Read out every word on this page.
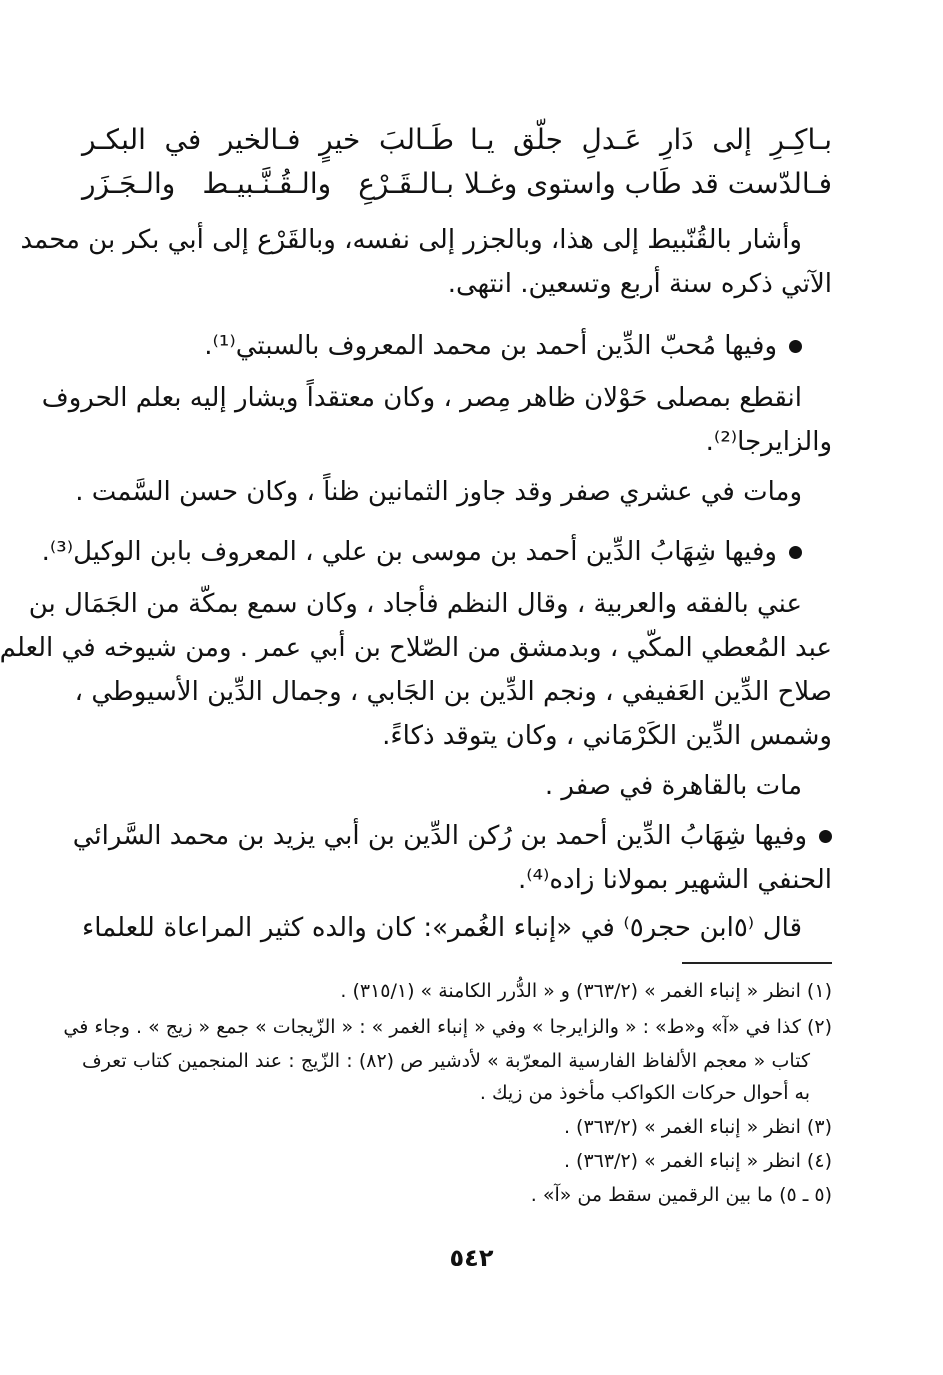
بـاكِـرِ إلى دَارِ عَـدلِ جلّق يـا
طَـالبَ خيرٍ فـالخير في البكـر
فـالدّست قد طَاب واستوى وغـلا
بـالـقَـرْعِ والـقُـنَّـبيـط والـجَـزَر
وأشار بالقُنّبيط إلى هذا، وبالجزر إلى نفسه، وبالقَرْع إلى أبي بكر بن محمد
الآتي ذكره سنة أربع وتسعين. انتهى.
وفيها مُحبّ الدِّين أحمد بن محمد المعروف بالسبتي⁽¹⁾.
انقطع بمصلى حَوْلان ظاهر مِصر ، وكان معتقداً ويشار إليه بعلم الحروف
والزايرجا⁽²⁾.
ومات في عشري صفر وقد جاوز الثمانين ظناً ، وكان حسن السَّمت .
وفيها شِهَابُ الدِّين أحمد بن موسى بن علي ، المعروف بابن الوكيل⁽³⁾.
عني بالفقه والعربية ، وقال النظم فأجاد ، وكان سمع بمكّة من الجَمَال بن
عبد المُعطي المكّي ، وبدمشق من الصّلاح بن أبي عمر . ومن شيوخه في العلم
صلاح الدِّين العَفيفي ، ونجم الدِّين بن الجَابي ، وجمال الدِّين الأسيوطي ،
وشمس الدِّين الكَرْمَاني ، وكان يتوقد ذكاءً.
مات بالقاهرة في صفر .
وفيها شِهَابُ الدِّين أحمد بن رُكن الدِّين بن أبي يزيد بن محمد السَّرائي
الحنفي الشهير بمولانا زاده⁽⁴⁾.
قال ⁽٥ابن حجر٥⁾ في «إنباء الغُمر»: كان والده كثير المراعاة للعلماء
(١) انظر « إنباء الغمر » (٣٦٣/٢) و « الدُّرر الكامنة » (٣١٥/١) .
(٢) كذا في «آ» و«ط» : « والزايرجا » وفي « إنباء الغمر » : « الزّيجات » جمع « زيج » . وجاء في
كتاب « معجم الألفاظ الفارسية المعرّبة » لأدشير ص (٨٢) : الزّيج : عند المنجمين كتاب تعرف
به أحوال حركات الكواكب مأخوذ من زيك .
(٣) انظر « إنباء الغمر » (٣٦٣/٢) .
(٤) انظر « إنباء الغمر » (٣٦٣/٢) .
(٥ ـ ٥) ما بين الرقمين سقط من «آ» .
٥٤٢
